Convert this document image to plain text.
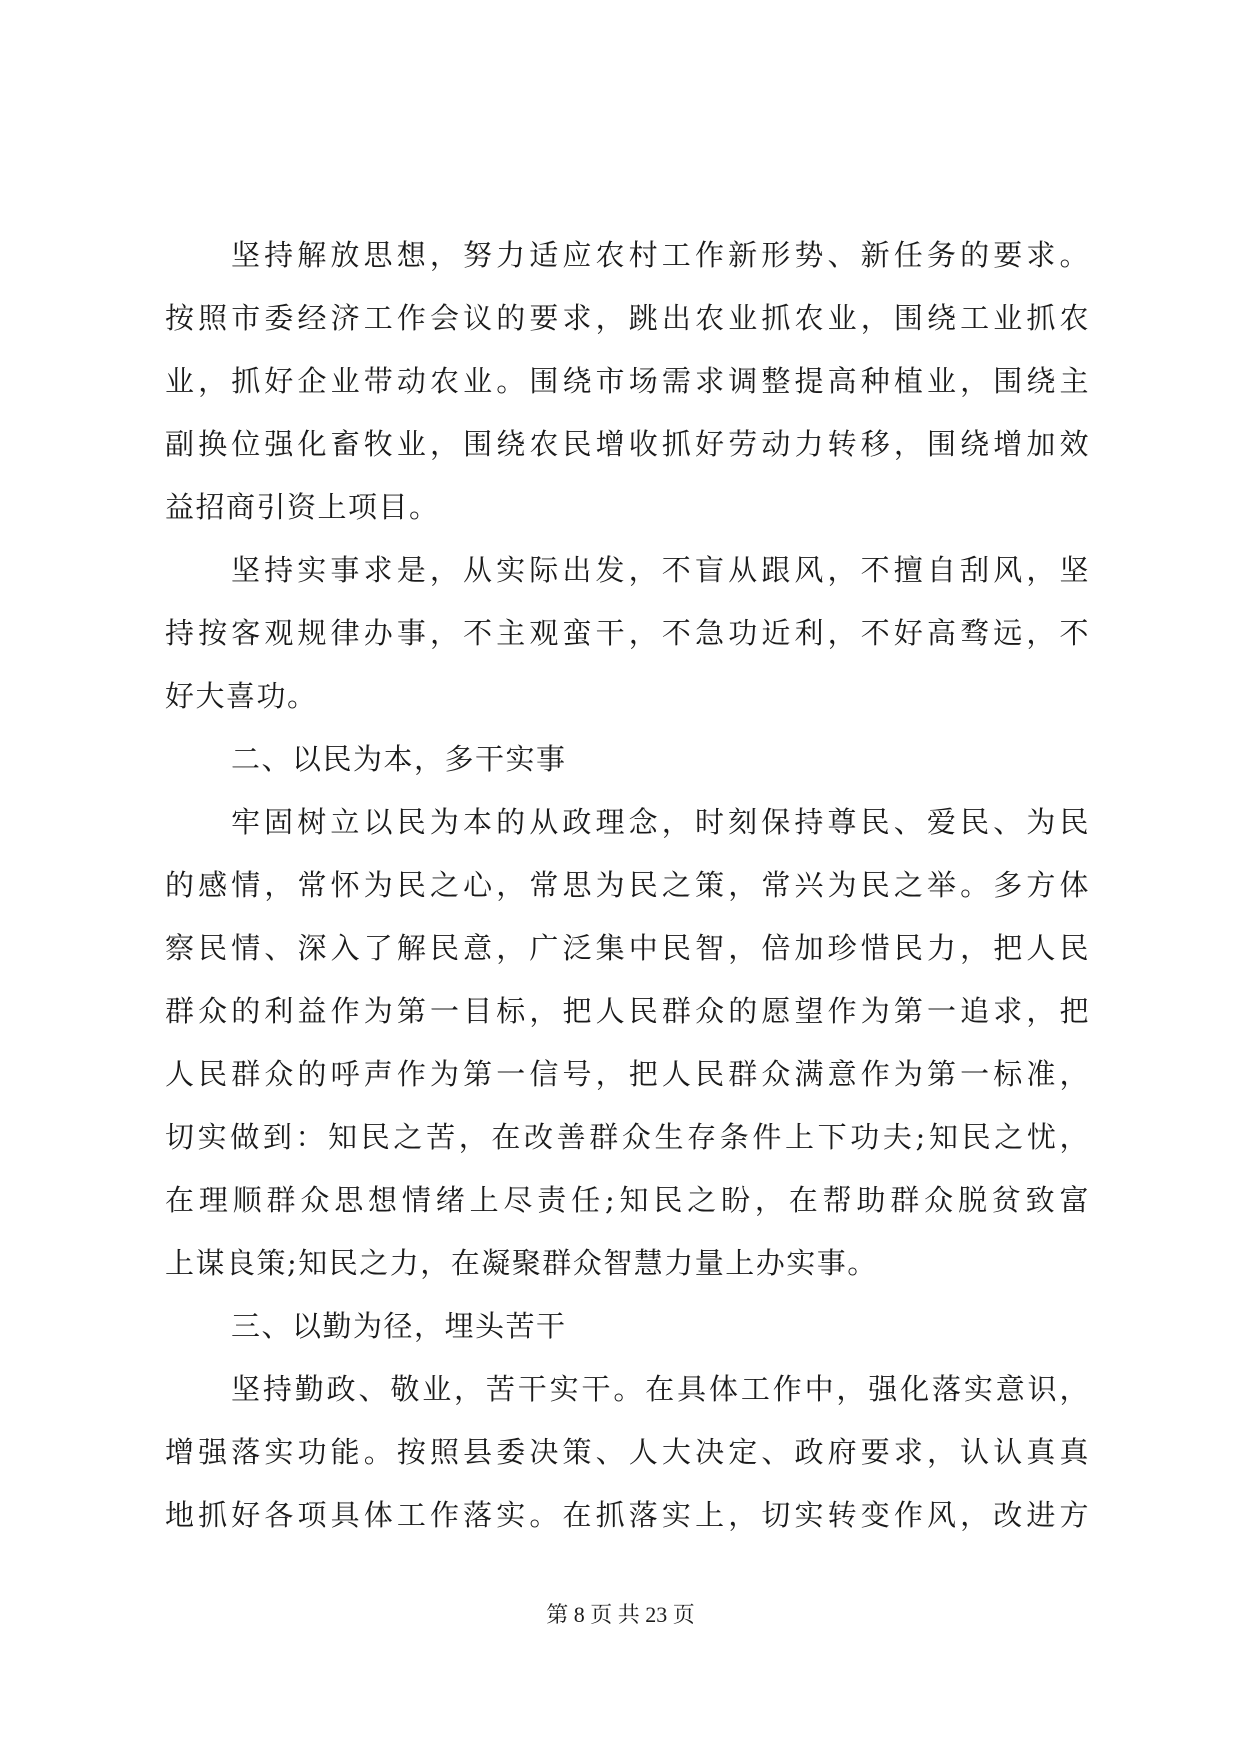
坚持解放思想，努力适应农村工作新形势、新任务的要求。
按照市委经济工作会议的要求，跳出农业抓农业，围绕工业抓农
业，抓好企业带动农业。围绕市场需求调整提高种植业，围绕主
副换位强化畜牧业，围绕农民增收抓好劳动力转移，围绕增加效
益招商引资上项目。
坚持实事求是，从实际出发，不盲从跟风，不擅自刮风，坚
持按客观规律办事，不主观蛮干，不急功近利，不好高骛远，不
好大喜功。
二、以民为本，多干实事
牢固树立以民为本的从政理念，时刻保持尊民、爱民、为民
的感情，常怀为民之心，常思为民之策，常兴为民之举。多方体
察民情、深入了解民意，广泛集中民智，倍加珍惜民力，把人民
群众的利益作为第一目标，把人民群众的愿望作为第一追求，把
人民群众的呼声作为第一信号，把人民群众满意作为第一标准，
切实做到：知民之苦，在改善群众生存条件上下功夫;知民之忧，
在理顺群众思想情绪上尽责任;知民之盼，在帮助群众脱贫致富
上谋良策;知民之力，在凝聚群众智慧力量上办实事。
三、以勤为径，埋头苦干
坚持勤政、敬业，苦干实干。在具体工作中，强化落实意识，
增强落实功能。按照县委决策、人大决定、政府要求，认认真真
地抓好各项具体工作落实。在抓落实上，切实转变作风，改进方
第 8 页 共 23 页
